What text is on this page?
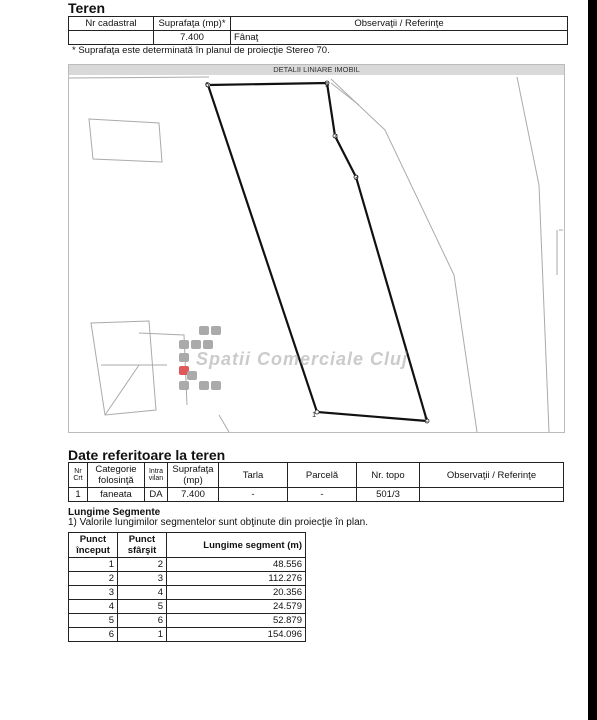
Teren
Nr cadastral	Suprafaţa (mp)*	Observaţii / Referinţe
	7.400	Fânaţ
* Suprafaţa este determinată în planul de proiecţie Stereo 70.
DETALII LINIARE IMOBIL
1
2
3
4
5
6
Spatii Comerciale Cluj
Date referitoare la teren
Nr Crt	Categorie folosinţă	Intra vilan	Suprafaţa (mp)	Tarla	Parcelă	Nr. topo	Observaţii / Referinţe
1	faneata	DA	7.400	-	-	501/3	
Lungime Segmente
1) Valorile lungimilor segmentelor sunt obţinute din proiecţie în plan.
Punct început	Punct sfârşit	Lungime segment (m)
1	2	48.556
2	3	112.276
3	4	20.356
4	5	24.579
5	6	52.879
6	1	154.096
